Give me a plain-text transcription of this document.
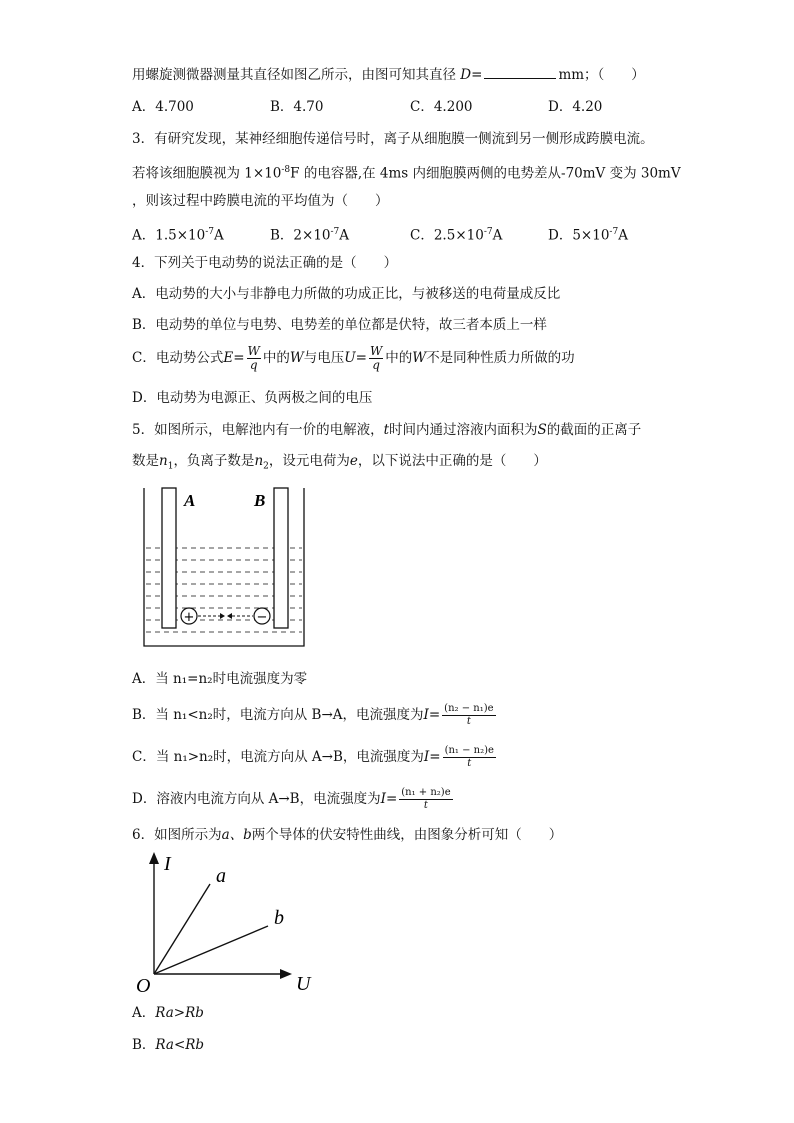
用螺旋测微器测量其直径如图乙所示，由图可知其直径 D=	mm；（　　）
A．4.700	B．4.70	C．4.200	D．4.20
3．有研究发现，某神经细胞传递信号时，离子从细胞膜一侧流到另一侧形成跨膜电流。
若将该细胞膜视为 $1\times 10^{-8}F$ 的电容器,在 4ms 内细胞膜两侧的电势差从-70mV 变为 30mV
，则该过程中跨膜电流的平均值为（　　）
A．$1.5\times 10^{-7}A$	B．$2\times 10^{-7}A$	C．$2.5\times 10^{-7}A$	D．$5\times 10^{-7}A$
4．下列关于电动势的说法正确的是（　　）
A．电动势的大小与非静电力所做的功成正比，与被移送的电荷量成反比
B．电动势的单位与电势、电势差的单位都是伏特，故三者本质上一样
C．电动势公式$E= \frac{W}{q}$ 中的W与电压$U= \frac{W}{q}$ 中的W不是同种性质力所做的功
D．电动势为电源正、负两极之间的电压
5．如图所示，电解池内有一价的电解液，t时间内通过溶液内面积为S的截面的正离子
数是$n_1$，负离子数是$n_2$，设元电荷为e，以下说法中正确的是（　　）
A	B
+	−
A．当 n₁=n₂时电流强度为零
B．当 n₁<n₂时，电流方向从 B→A，电流强度为$I= \frac{\text{(n₂ − n₁)e}}{t}$
C．当 n₁>n₂时，电流方向从 A→B，电流强度为$I= \frac{\text{(n₁ − n₂)e}}{t}$
D．溶液内电流方向从 A→B，电流强度为$I= \frac{\text{(n₁ + n₂)e}}{t}$
6．如图所示为a、b两个导体的伏安特性曲线，由图象分析可知（　　）
I
U
O
a
b
A．Ra>Rb
B．Ra<Rb
